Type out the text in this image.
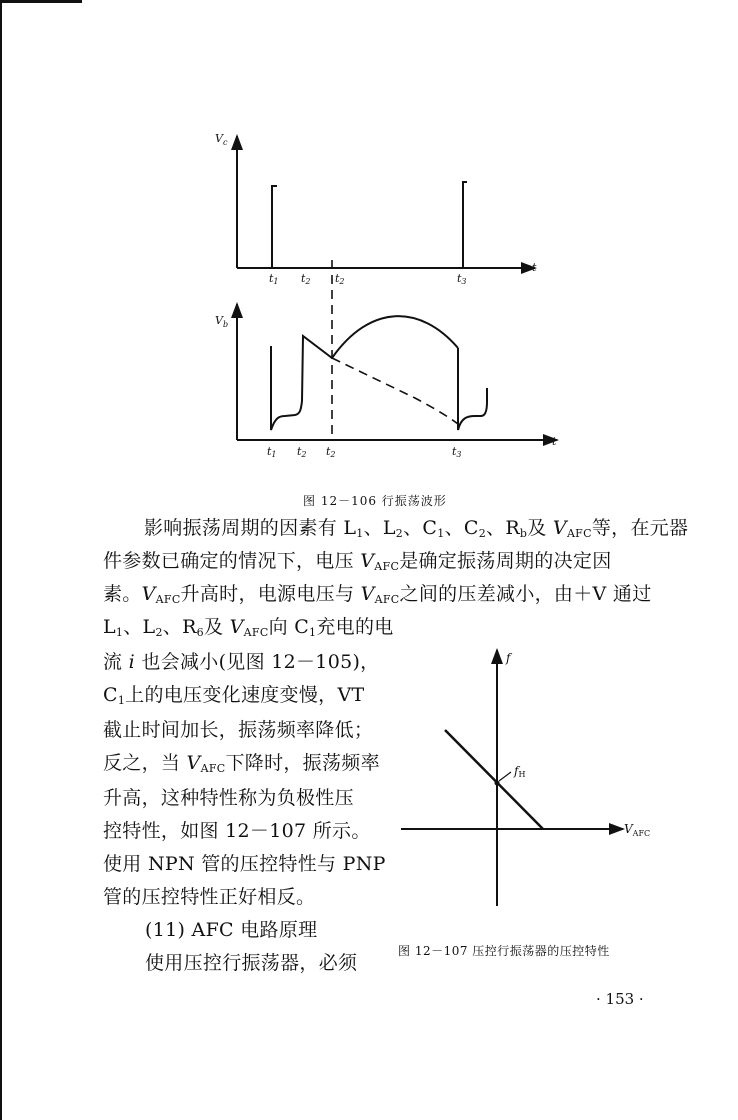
$V_c$
t
t1 t2 t2	t3
$V_b$
t
t1 t2 t2	t3
图 12－106 行振荡波形
影响振荡周期的因素有 L1、L2、C1、C2、Rb及 VAFC等，在元器
件参数已确定的情况下，电压 VAFC是确定振荡周期的决定因
素。VAFC升高时，电源电压与 VAFC之间的压差减小，由＋V 通过
L1、L2、R6及 VAFC向 C1充电的电
流 i 也会减小(见图 12－105)，
C1上的电压变化速度变慢，VT
截止时间加长，振荡频率降低；
反之，当 VAFC下降时，振荡频率
升高，这种特性称为负极性压
控特性，如图 12－107 所示。
使用 NPN 管的压控特性与 PNP
管的压控特性正好相反。
(11) AFC 电路原理
使用压控行振荡器，必须
f
$V_{AFC}$
fH
图 12－107 压控行振荡器的压控特性
· 153 ·
